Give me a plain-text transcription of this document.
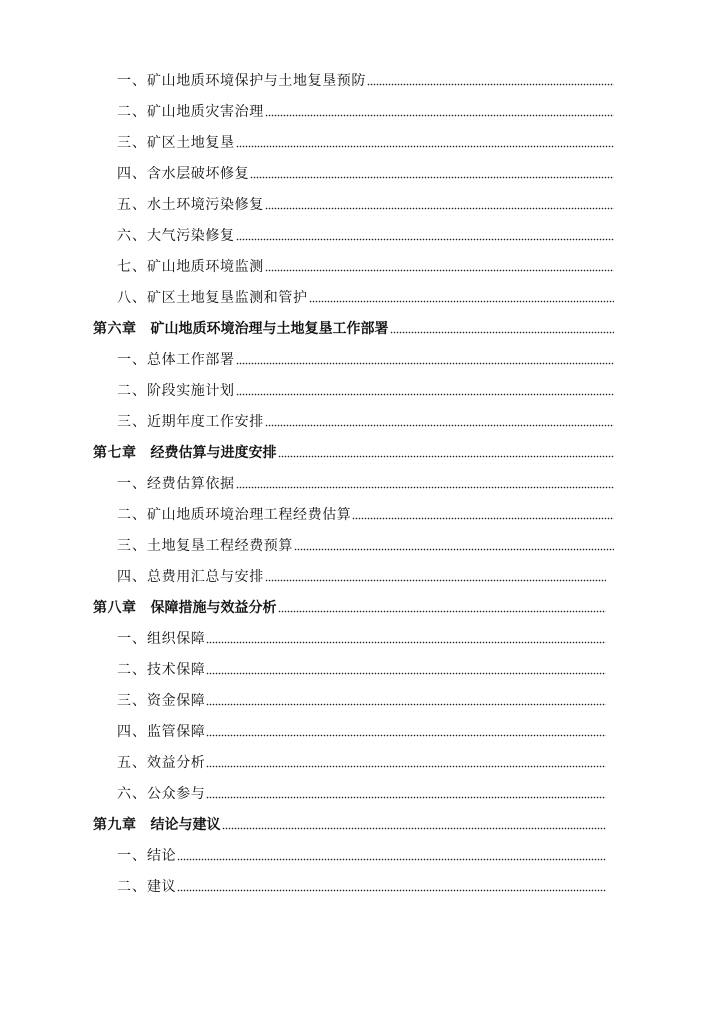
一、 矿山地质环境保护与土地复垦预防
二、 矿山地质灾害治理
三、 矿区土地复垦
四、 含水层破坏修复
五、 水土环境污染修复
六、 大气污染修复
七、 矿山地质环境监测
八、 矿区土地复垦监测和管护
第六章 矿山地质环境治理与土地复垦工作部署
一、 总体工作部署
二、 阶段实施计划
三、 近期年度工作安排
第七章 经费估算与进度安排
一、 经费估算依据
二、 矿山地质环境治理工程经费估算
三、 土地复垦工程经费预算
四、 总费用汇总与安排
第八章 保障措施与效益分析
一、 组织保障
二、 技术保障
三、 资金保障
四、 监管保障
五、 效益分析
六、 公众参与
第九章 结论与建议
一、 结论
二、 建议
